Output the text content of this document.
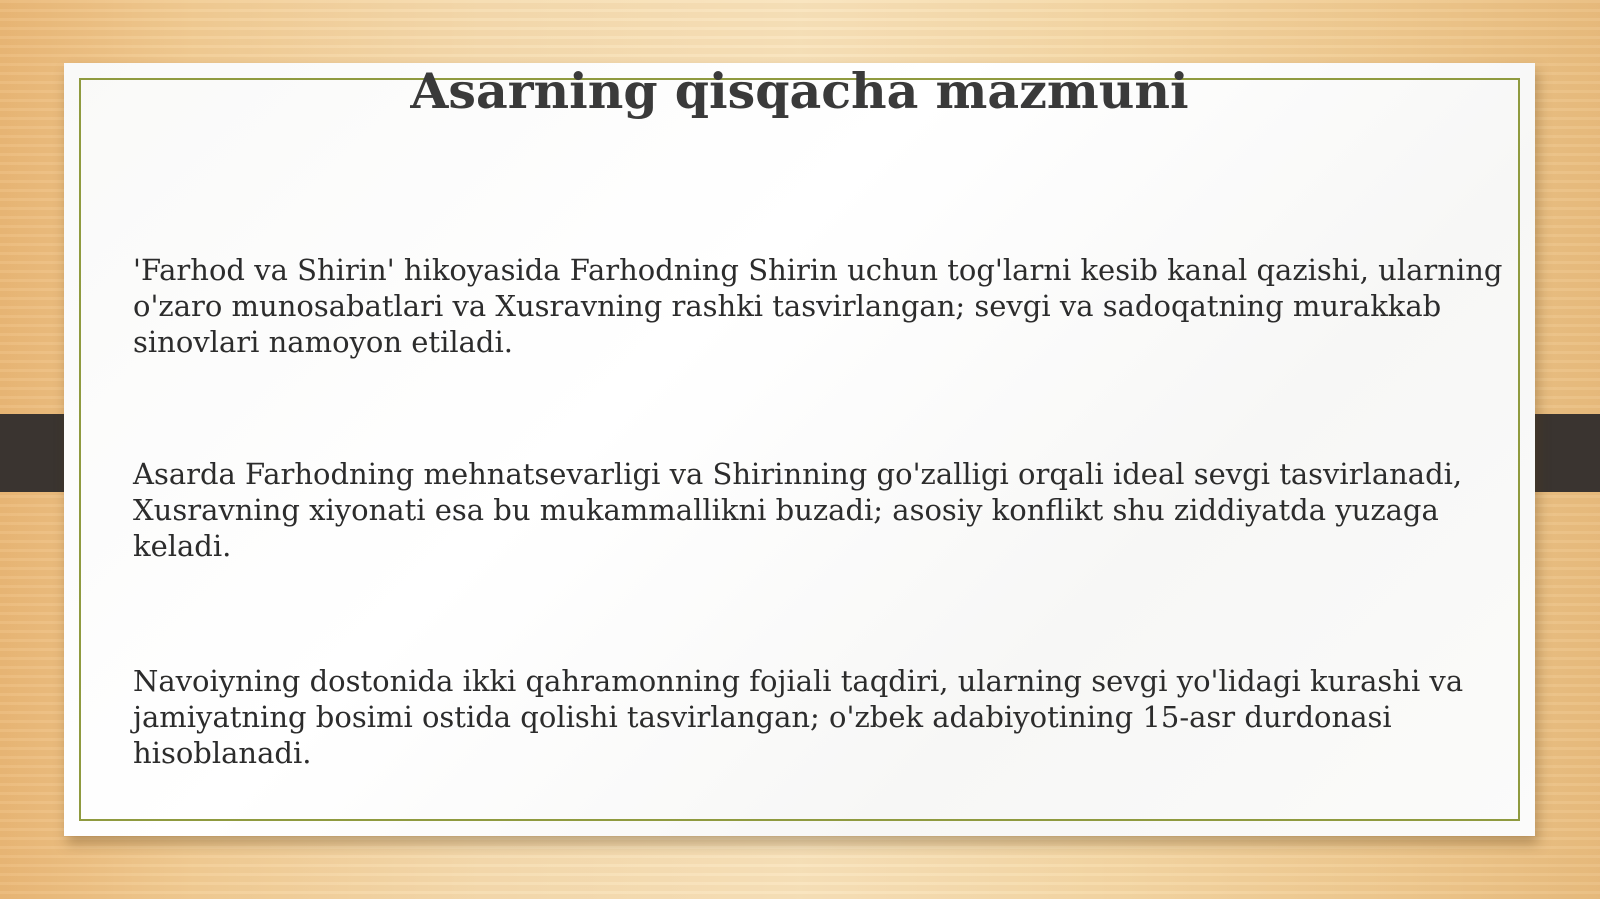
Asarning qisqacha mazmuni

'Farhod va Shirin' hikoyasida Farhodning Shirin uchun tog'larni kesib kanal qazishi, ularning o'zaro munosabatlari va Xusravning rashki tasvirlangan; sevgi va sadoqatning murakkab sinovlari namoyon etiladi.

Asarda Farhodning mehnatsevarligi va Shirinning go'zalligi orqali ideal sevgi tasvirlanadi, Xusravning xiyonati esa bu mukammallikni buzadi; asosiy konflikt shu ziddiyatda yuzaga keladi.

Navoiyning dostonida ikki qahramonning fojiali taqdiri, ularning sevgi yo'lidagi kurashi va jamiyatning bosimi ostida qolishi tasvirlangan; o'zbek adabiyotining 15-asr durdonasi hisoblanadi.
